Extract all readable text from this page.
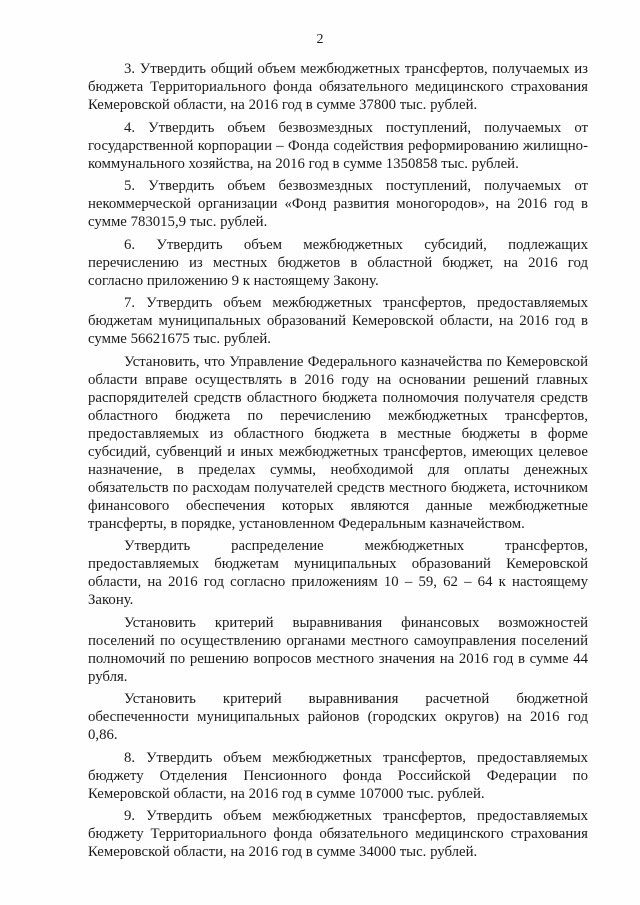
2

3. Утвердить общий объем межбюджетных трансфертов, получаемых из бюджета Территориального фонда обязательного медицинского страхования Кемеровской области, на 2016 год в сумме 37800 тыс. рублей.

4. Утвердить объем безвозмездных поступлений, получаемых от государственной корпорации – Фонда содействия реформированию жилищно-коммунального хозяйства, на 2016 год в сумме 1350858 тыс. рублей.

5. Утвердить объем безвозмездных поступлений, получаемых от некоммерческой организации «Фонд развития моногородов», на 2016 год в сумме 783015,9 тыс. рублей.

6. Утвердить объем межбюджетных субсидий, подлежащих перечислению из местных бюджетов в областной бюджет, на 2016 год согласно приложению 9 к настоящему Закону.

7. Утвердить объем межбюджетных трансфертов, предоставляемых бюджетам муниципальных образований Кемеровской области, на 2016 год в сумме 56621675 тыс. рублей.

Установить, что Управление Федерального казначейства по Кемеровской области вправе осуществлять в 2016 году на основании решений главных распорядителей средств областного бюджета полномочия получателя средств областного бюджета по перечислению межбюджетных трансфертов, предоставляемых из областного бюджета в местные бюджеты в форме субсидий, субвенций и иных межбюджетных трансфертов, имеющих целевое назначение, в пределах суммы, необходимой для оплаты денежных обязательств по расходам получателей средств местного бюджета, источником финансового обеспечения которых являются данные межбюджетные трансферты, в порядке, установленном Федеральным казначейством.

Утвердить распределение межбюджетных трансфертов, предоставляемых бюджетам муниципальных образований Кемеровской области, на 2016 год согласно приложениям 10 – 59, 62 – 64 к настоящему Закону.

Установить критерий выравнивания финансовых возможностей поселений по осуществлению органами местного самоуправления поселений полномочий по решению вопросов местного значения на 2016 год в сумме 44 рубля.

Установить критерий выравнивания расчетной бюджетной обеспеченности муниципальных районов (городских округов) на 2016 год 0,86.

8. Утвердить объем межбюджетных трансфертов, предоставляемых бюджету Отделения Пенсионного фонда Российской Федерации по Кемеровской области, на 2016 год в сумме 107000 тыс. рублей.

9. Утвердить объем межбюджетных трансфертов, предоставляемых бюджету Территориального фонда обязательного медицинского страхования Кемеровской области, на 2016 год в сумме 34000 тыс. рублей.
